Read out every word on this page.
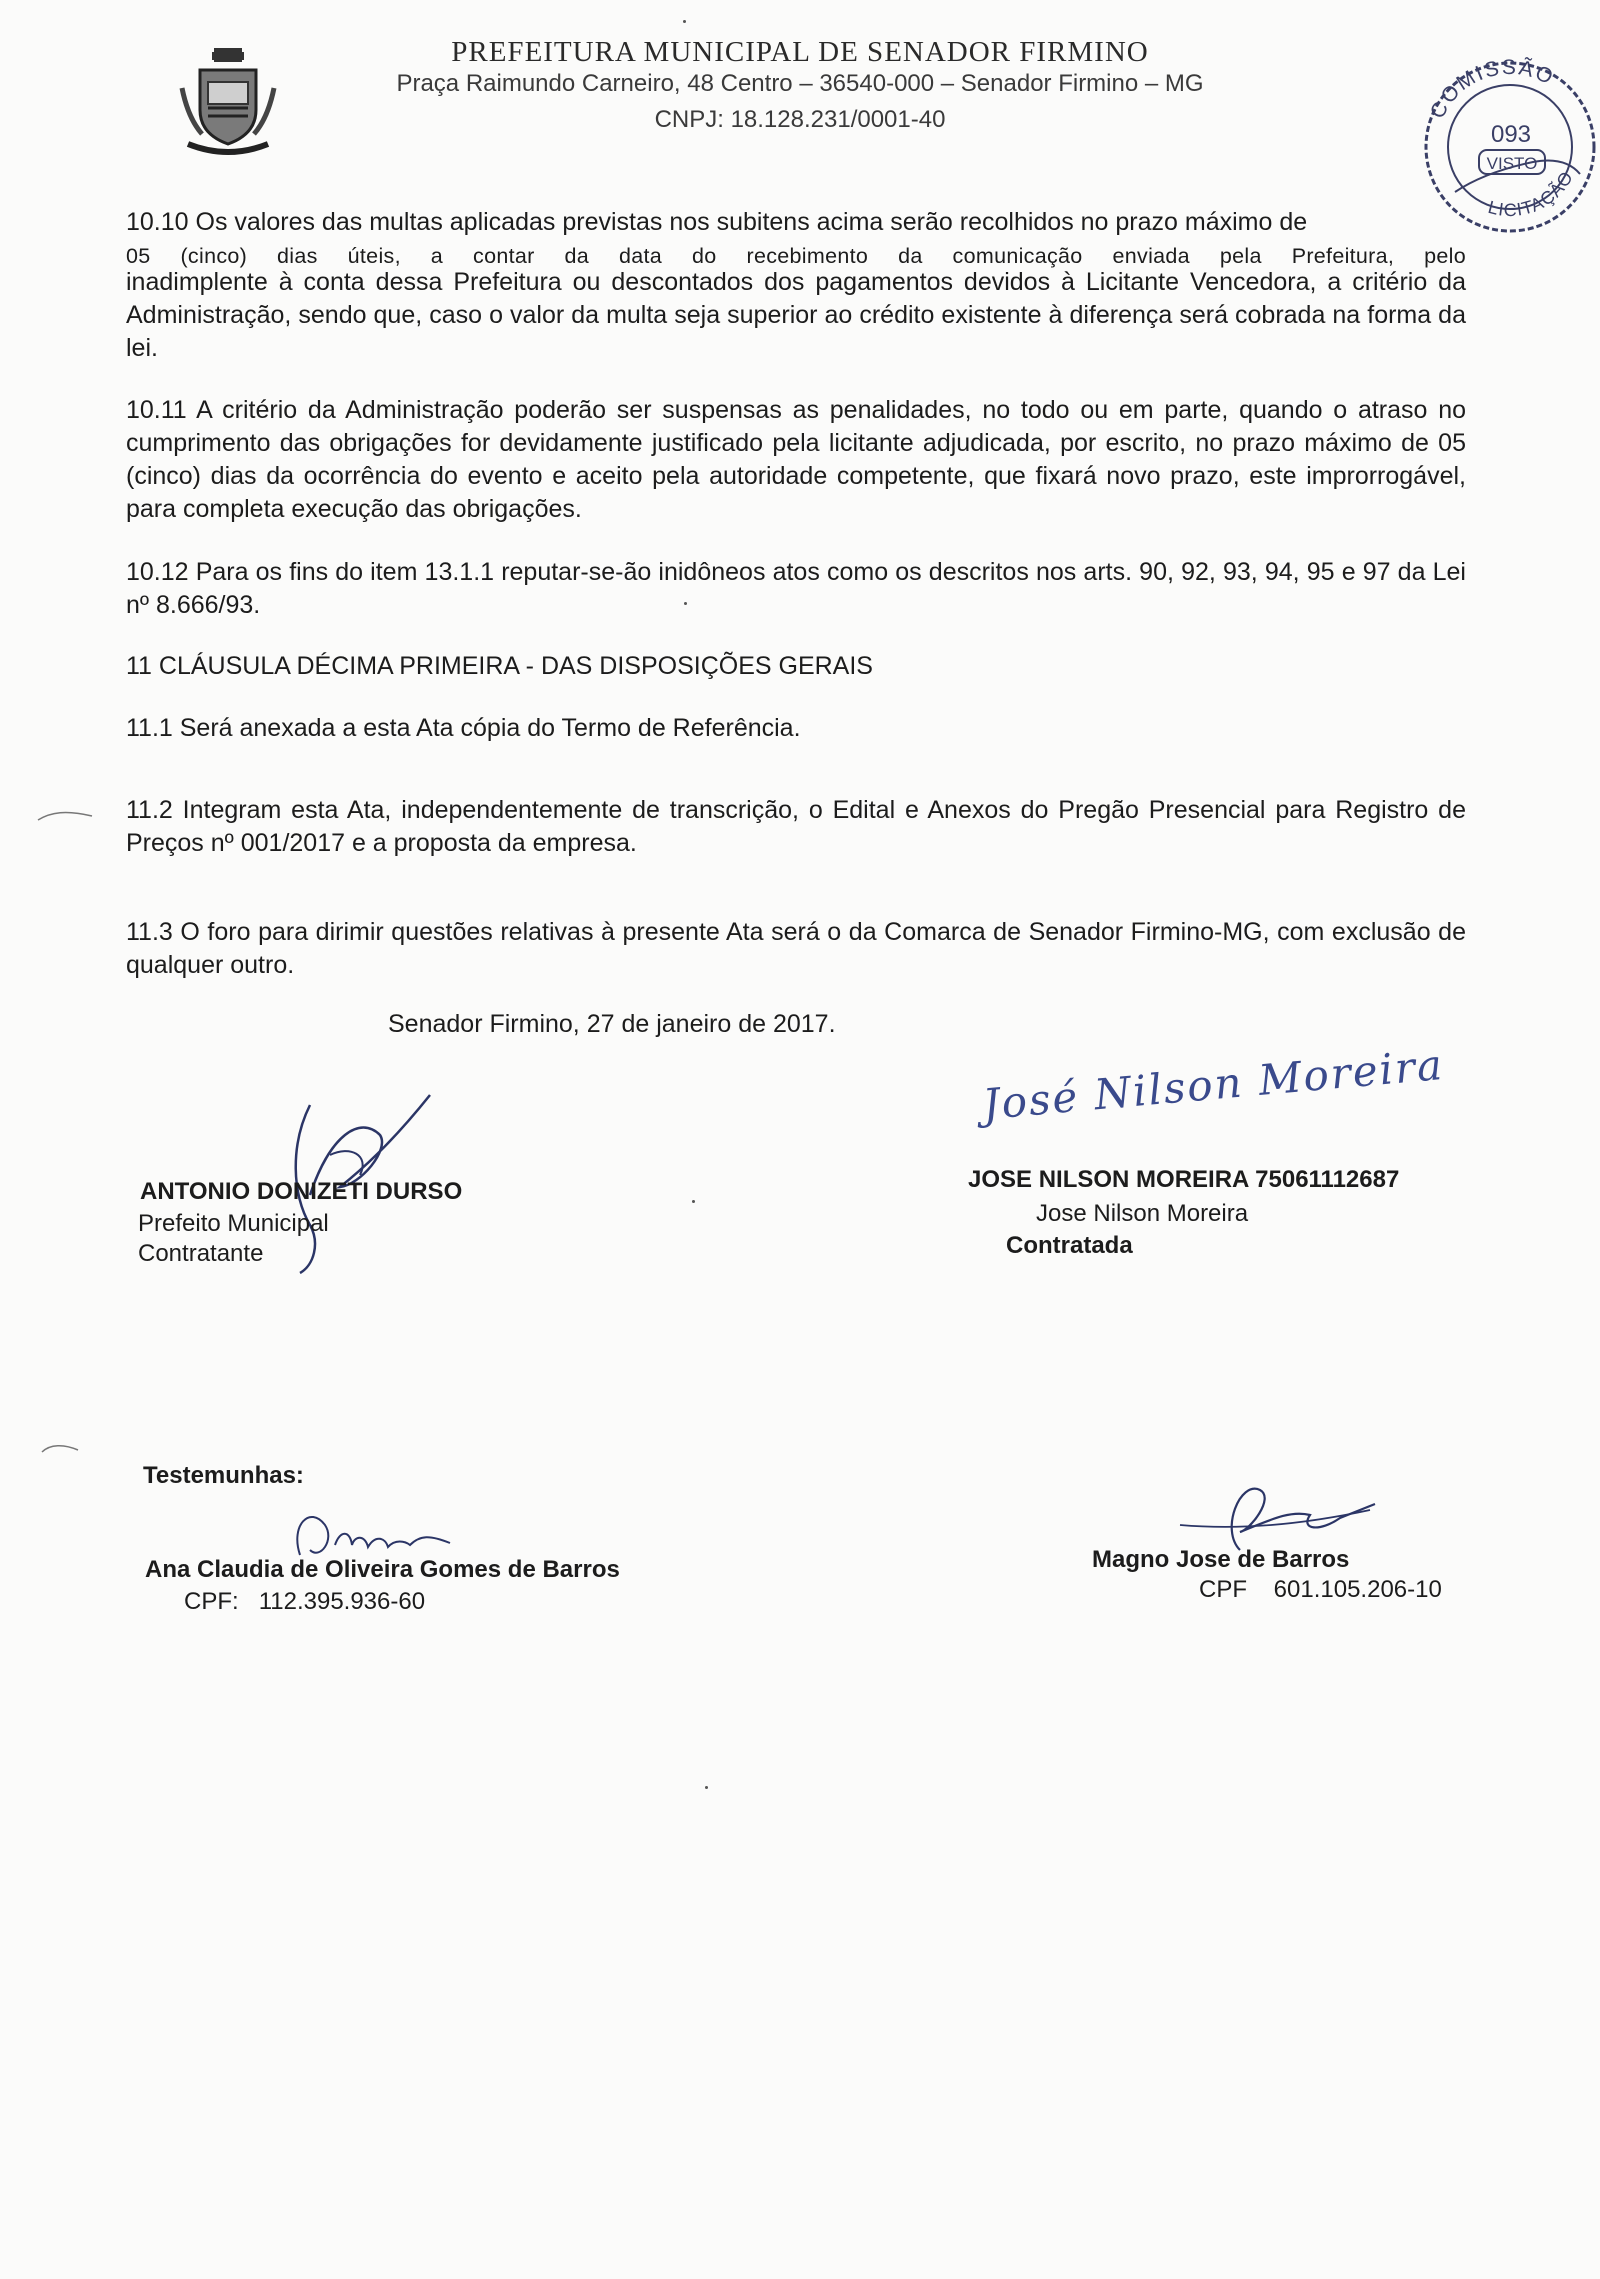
PREFEITURA MUNICIPAL DE SENADOR FIRMINO
Praça Raimundo Carneiro, 48 Centro – 36540-000 – Senador Firmino – MG
CNPJ: 18.128.231/0001-40	COMISSÃO
093
VISTO
LICITAÇÃO
10.10 Os valores das multas aplicadas previstas nos subitens acima serão recolhidos no prazo máximo de
05 (cinco) dias úteis, a contar da data do recebimento da comunicação enviada pela Prefeitura, pelo
inadimplente à conta dessa Prefeitura ou descontados dos pagamentos devidos à Licitante Vencedora, a critério da Administração, sendo que, caso o valor da multa seja superior ao crédito existente à diferença será cobrada na forma da lei.
10.11 A critério da Administração poderão ser suspensas as penalidades, no todo ou em parte, quando o atraso no cumprimento das obrigações for devidamente justificado pela licitante adjudicada, por escrito, no prazo máximo de 05 (cinco) dias da ocorrência do evento e aceito pela autoridade competente, que fixará novo prazo, este improrrogável, para completa execução das obrigações.
10.12 Para os fins do item 13.1.1 reputar-se-ão inidôneos atos como os descritos nos arts. 90, 92, 93, 94, 95 e 97 da Lei nº 8.666/93.
11 CLÁUSULA DÉCIMA PRIMEIRA - DAS DISPOSIÇÕES GERAIS
11.1 Será anexada a esta Ata cópia do Termo de Referência.
11.2 Integram esta Ata, independentemente de transcrição, o Edital e Anexos do Pregão Presencial para Registro de Preços nº 001/2017 e a proposta da empresa.
11.3 O foro para dirimir questões relativas à presente Ata será o da Comarca de Senador Firmino-MG, com exclusão de qualquer outro.
Senador Firmino, 27 de janeiro de 2017.
ANTONIO DONIZETI DURSO
Prefeito Municipal
Contratante
José Nilson Moreira
JOSE NILSON MOREIRA 75061112687
Jose Nilson Moreira
Contratada
Testemunhas:
Ana Claudia de Oliveira Gomes de Barros
CPF: 112.395.936-60
Magno Jose de Barros
CPF 601.105.206-10
